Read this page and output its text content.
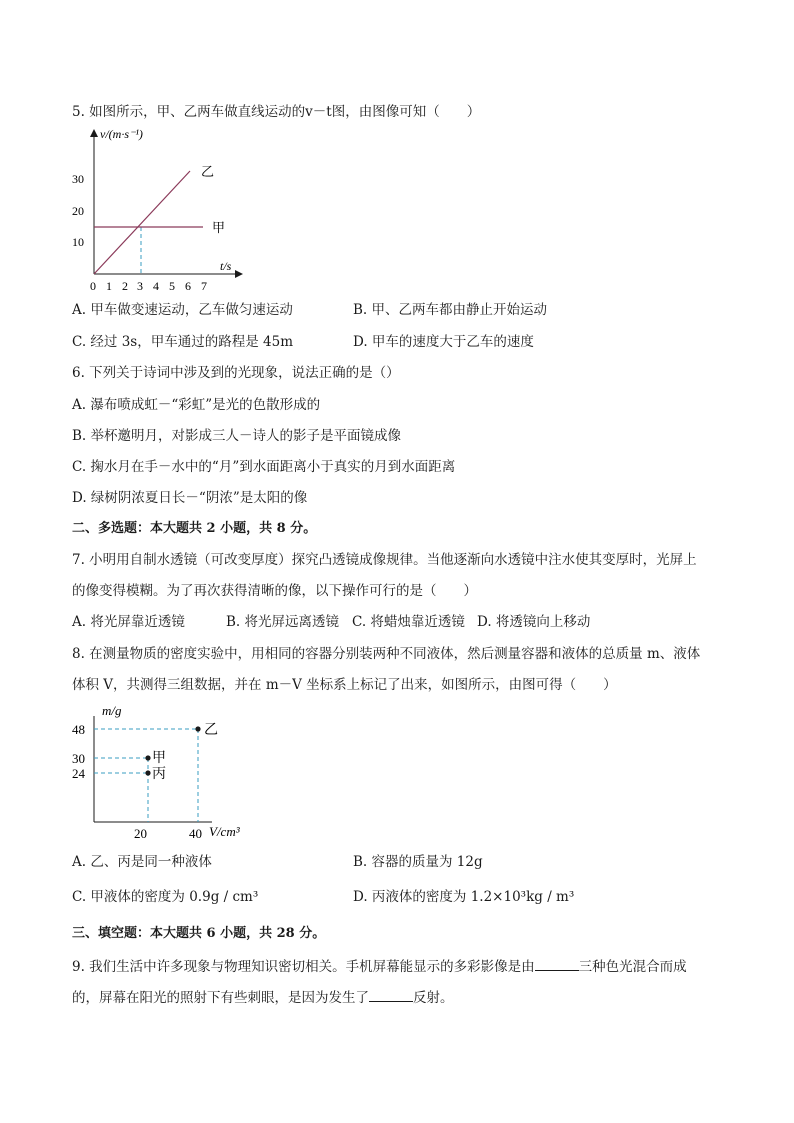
5. 如图所示，甲、乙两车做直线运动的v－t图，由图像可知（　　）
v/(m·s⁻¹)
t/s
30
20
10
0 1 2 3 4 5 6 7
乙
甲
A. 甲车做变速运动，乙车做匀速运动	B. 甲、乙两车都由静止开始运动
C. 经过 3s，甲车通过的路程是 45m	D. 甲车的速度大于乙车的速度
6. 下列关于诗词中涉及到的光现象，说法正确的是（）
A. 瀑布喷成虹－“彩虹”是光的色散形成的
B. 举杯邀明月，对影成三人－诗人的影子是平面镜成像
C. 掬水月在手－水中的“月”到水面距离小于真实的月到水面距离
D. 绿树阴浓夏日长－“阴浓”是太阳的像
二、多选题：本大题共 2 小题，共 8 分。
7. 小明用自制水透镜（可改变厚度）探究凸透镜成像规律。当他逐渐向水透镜中注水使其变厚时，光屏上
的像变得模糊。为了再次获得清晰的像，以下操作可行的是（　　）
A. 将光屏靠近透镜	B. 将光屏远离透镜 C. 将蜡烛靠近透镜 D. 将透镜向上移动
8. 在测量物质的密度实验中，用相同的容器分别装两种不同液体，然后测量容器和液体的总质量 m、液体
体积 V，共测得三组数据，并在 m－V 坐标系上标记了出来，如图所示，由图可得（　　）
m/g
V/cm³
48
30
24
20	40
乙
甲
丙
A. 乙、丙是同一种液体	B. 容器的质量为 12g
C. 甲液体的密度为 0.9g / cm³	D. 丙液体的密度为 1.2×10³kg / m³
三、填空题：本大题共 6 小题，共 28 分。
9. 我们生活中许多现象与物理知识密切相关。手机屏幕能显示的多彩影像是由	三种色光混合而成
的，屏幕在阳光的照射下有些刺眼，是因为发生了	反射。
